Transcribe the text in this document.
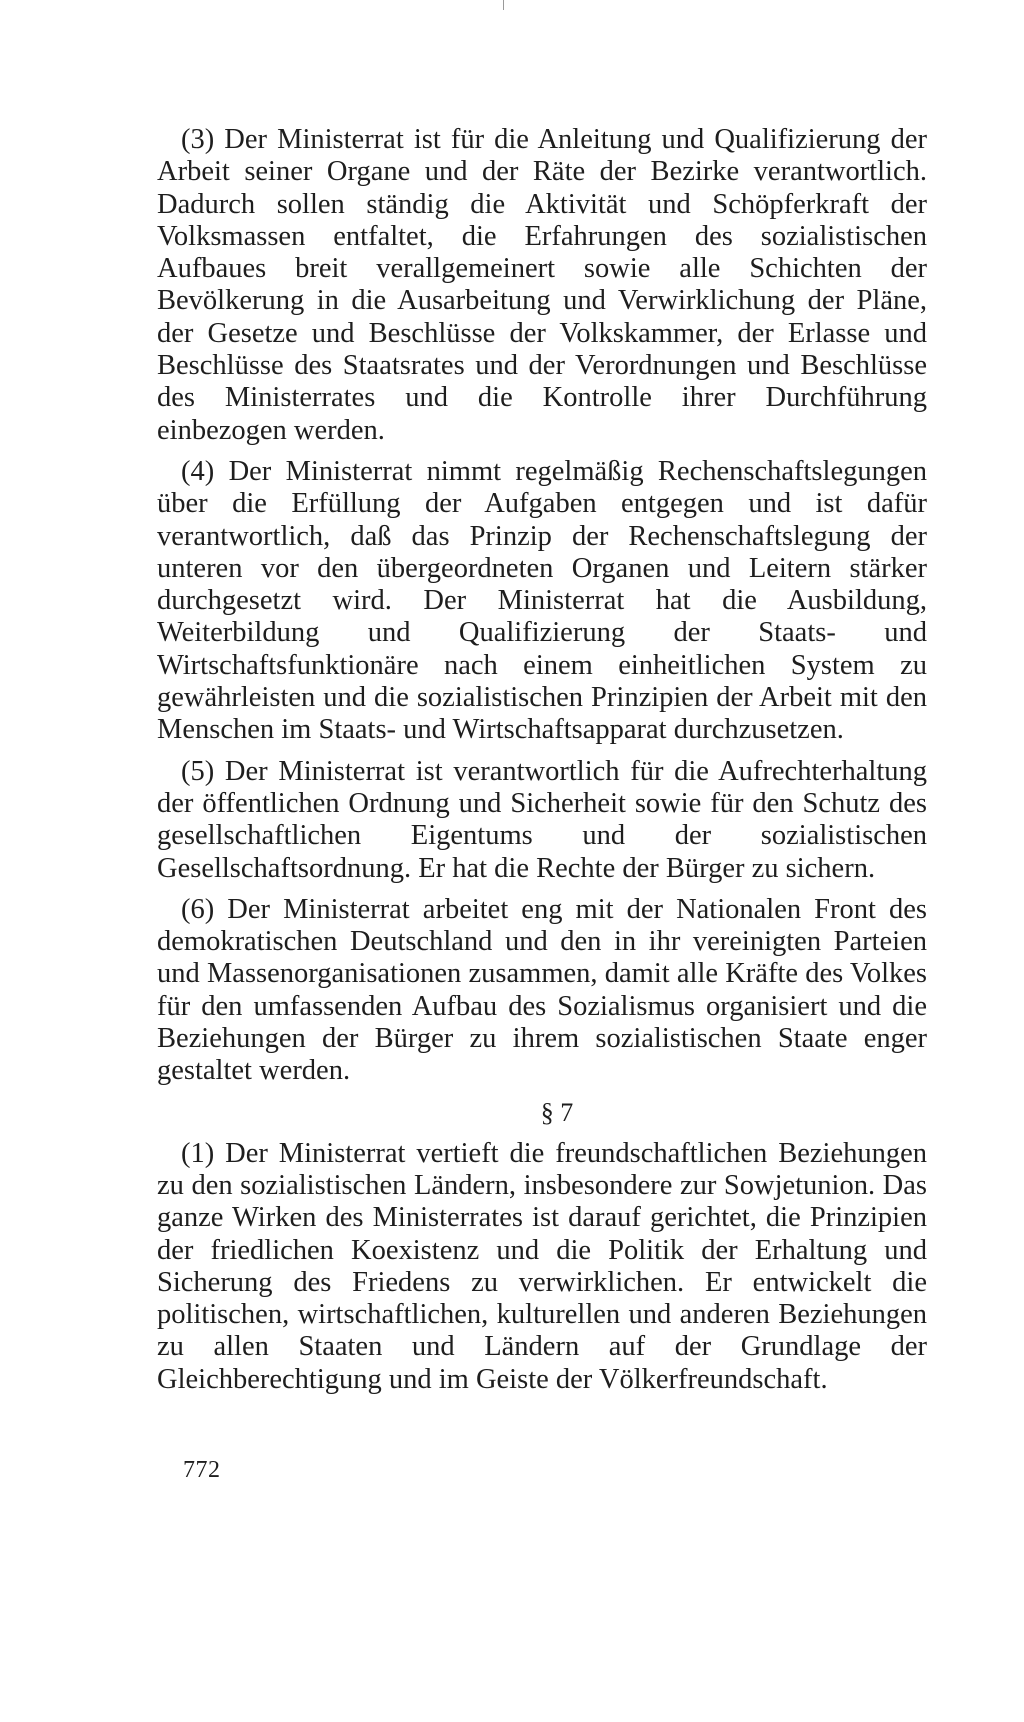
(3) Der Ministerrat ist für die Anleitung und Qualifizierung der Arbeit seiner Organe und der Räte der Bezirke verantwortlich. Dadurch sollen ständig die Aktivität und Schöpferkraft der Volksmassen entfaltet, die Erfahrungen des sozialistischen Aufbaues breit verallgemeinert sowie alle Schichten der Bevölkerung in die Ausarbeitung und Verwirklichung der Pläne, der Gesetze und Beschlüsse der Volkskammer, der Erlasse und Beschlüsse des Staatsrates und der Verordnungen und Beschlüsse des Ministerrates und die Kontrolle ihrer Durchführung einbezogen werden.

(4) Der Ministerrat nimmt regelmäßig Rechenschaftslegungen über die Erfüllung der Aufgaben entgegen und ist dafür verantwortlich, daß das Prinzip der Rechenschaftslegung der unteren vor den übergeordneten Organen und Leitern stärker durchgesetzt wird. Der Ministerrat hat die Ausbildung, Weiterbildung und Qualifizierung der Staats- und Wirtschaftsfunktionäre nach einem einheitlichen System zu gewährleisten und die sozialistischen Prinzipien der Arbeit mit den Menschen im Staats- und Wirtschaftsapparat durchzusetzen.

(5) Der Ministerrat ist verantwortlich für die Aufrechterhaltung der öffentlichen Ordnung und Sicherheit sowie für den Schutz des gesellschaftlichen Eigentums und der sozialistischen Gesellschaftsordnung. Er hat die Rechte der Bürger zu sichern.

(6) Der Ministerrat arbeitet eng mit der Nationalen Front des demokratischen Deutschland und den in ihr vereinigten Parteien und Massenorganisationen zusammen, damit alle Kräfte des Volkes für den umfassenden Aufbau des Sozialismus organisiert und die Beziehungen der Bürger zu ihrem sozialistischen Staate enger gestaltet werden.

§ 7

(1) Der Ministerrat vertieft die freundschaftlichen Beziehungen zu den sozialistischen Ländern, insbesondere zur Sowjetunion. Das ganze Wirken des Ministerrates ist darauf gerichtet, die Prinzipien der friedlichen Koexistenz und die Politik der Erhaltung und Sicherung des Friedens zu verwirklichen. Er entwickelt die politischen, wirtschaftlichen, kulturellen und anderen Beziehungen zu allen Staaten und Ländern auf der Grundlage der Gleichberechtigung und im Geiste der Völkerfreundschaft.

772
